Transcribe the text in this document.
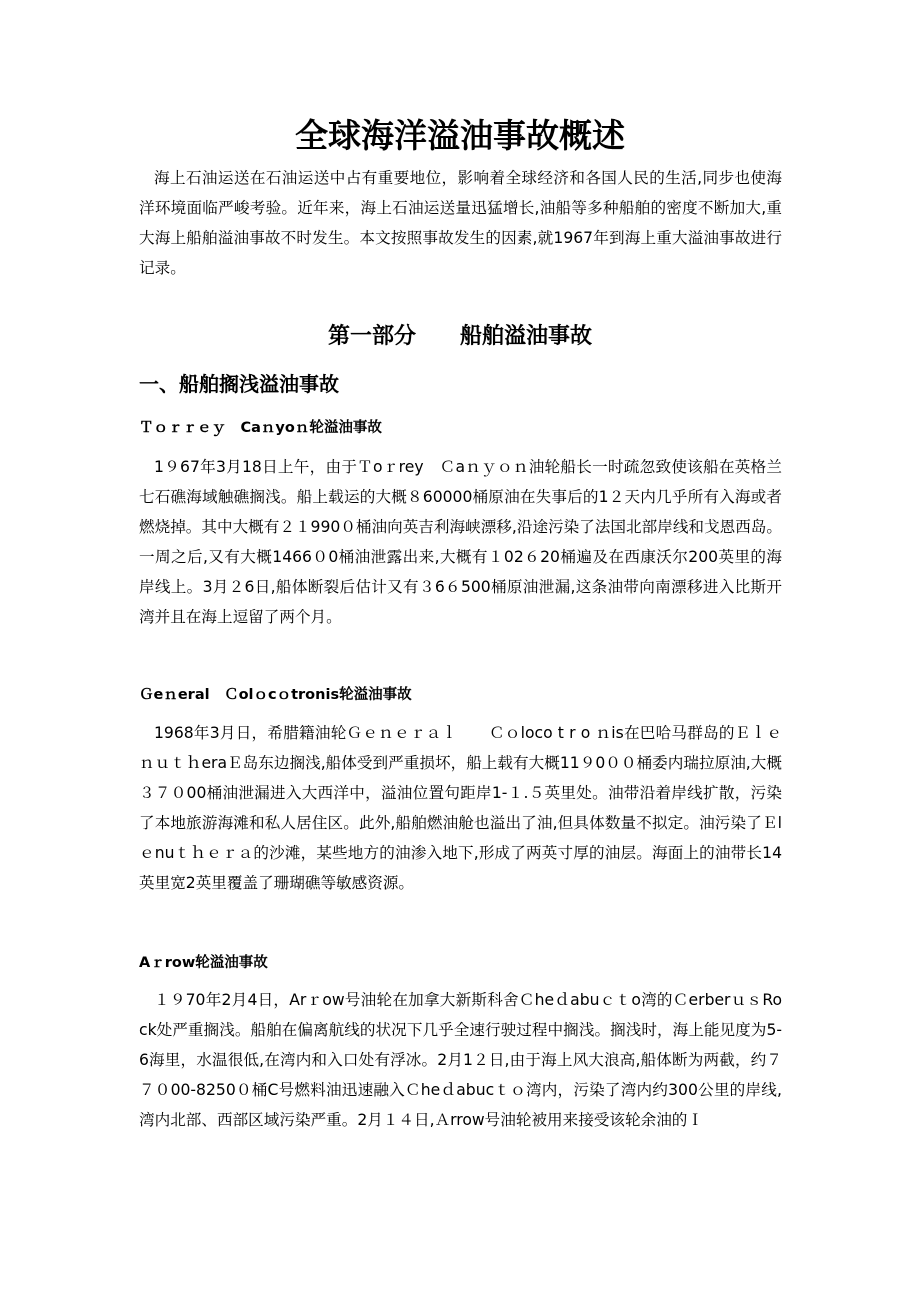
全球海洋溢油事故概述

海上石油运送在石油运送中占有重要地位，影响着全球经济和各国人民的生活,同步也使海洋环境面临严峻考验。近年来，海上石油运送量迅猛增长,油船等多种船舶的密度不断加大,重大海上船舶溢油事故不时发生。本文按照事故发生的因素,就1967年到海上重大溢油事故进行记录。

第一部分　　船舶溢油事故
一、船舶搁浅溢油事故
Ｔｏｒｒｅｙ　Caｎyoｎ轮溢油事故

1９67年3月18日上午，由于Ｔoｒrey　Ｃaｎｙｏｎ油轮船长一时疏忽致使该船在英格兰七石礁海域触礁搁浅。船上载运的大概８60000桶原油在失事后的1２天内几乎所有入海或者燃烧掉。其中大概有２１990０桶油向英吉利海峡漂移,沿途污染了法国北部岸线和戈恩西岛。一周之后,又有大概1466０0桶油泄露出来,大概有１02６20桶遍及在西康沃尔200英里的海岸线上。3月２6日,船体断裂后估计又有３6６500桶原油泄漏,这条油带向南漂移进入比斯开湾并且在海上逗留了两个月。

Ｇeｎeral　Ｃolｏcｏtronis轮溢油事故

1968年3月日，希腊籍油轮Ｇｅｎｅｒａｌ　　Ｃｏloco t r o ｎis在巴哈马群岛的ＥｌｅｎｕｔｈeraＥ岛东边搁浅,船体受到严重损坏，船上载有大概11９0００桶委内瑞拉原油,大概３７０00桶油泄漏进入大西洋中，溢油位置句距岸1-１.５英里处。油带沿着岸线扩散，污染了本地旅游海滩和私人居住区。此外,船舶燃油舱也溢出了油,但具体数量不拟定。油污染了Ｅlｅnuｔｈｅｒａ的沙滩，某些地方的油渗入地下,形成了两英寸厚的油层。海面上的油带长14英里宽2英里覆盖了珊瑚礁等敏感资源。

Aｒrow轮溢油事故

１９70年2月4日，Arｒow号油轮在加拿大新斯科舍Ｃheｄabuｃｔo湾的ＣerberｕｓRock处严重搁浅。船舶在偏离航线的状况下几乎全速行驶过程中搁浅。搁浅时，海上能见度为5-6海里，水温很低,在湾内和入口处有浮冰。2月1２日,由于海上风大浪高,船体断为两截，约７７０00-8250０桶C号燃料油迅速融入Ｃheｄabucｔｏ湾内，污染了湾内约300公里的岸线,湾内北部、西部区域污染严重。2月１４日,Ａrrow号油轮被用来接受该轮余油的Ｉ
